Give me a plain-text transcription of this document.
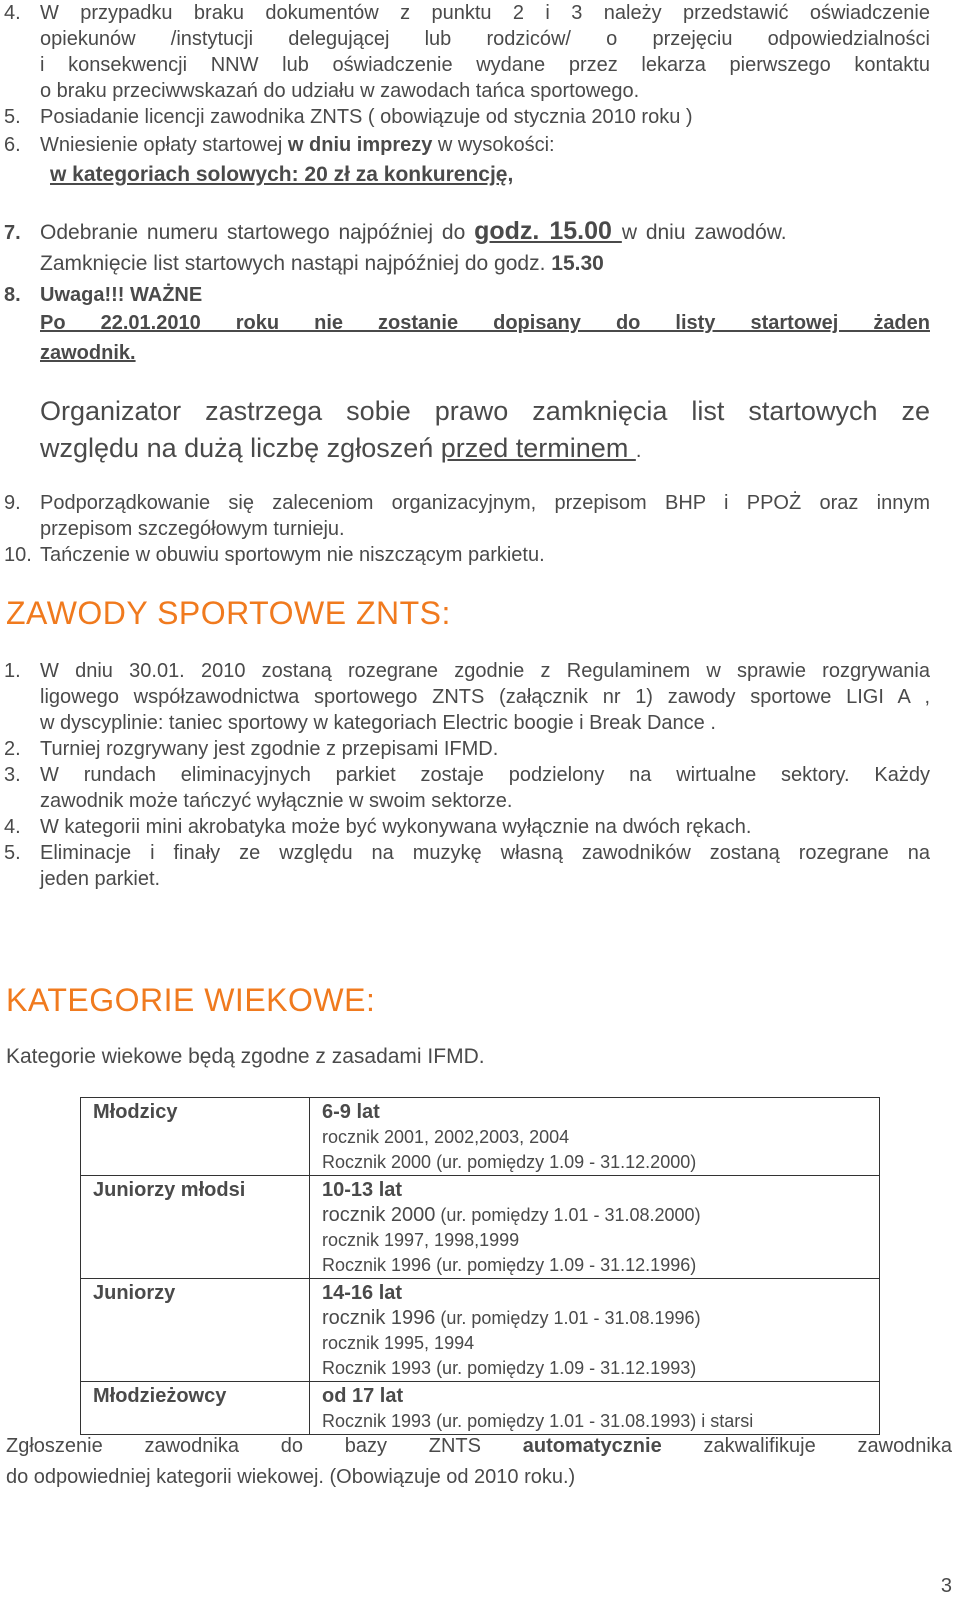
4. W przypadku braku dokumentów z punktu 2 i 3 należy przedstawić oświadczenie
opiekunów /instytucji delegującej lub rodziców/ o przejęciu odpowiedzialności
i konsekwencji NNW lub oświadczenie wydane przez lekarza pierwszego kontaktu
o braku przeciwwskazań do udziału w zawodach tańca sportowego.
5. Posiadanie licencji zawodnika ZNTS ( obowiązuje od stycznia 2010 roku )
6. Wniesienie opłaty startowej w dniu imprezy w wysokości:
w kategoriach solowych: 20 zł za konkurencję,
7. Odebranie numeru startowego najpóźniej do godz. 15.00 w dniu zawodów.
Zamknięcie list startowych nastąpi najpóźniej do godz. 15.30
8. Uwaga!!! WAŻNE
Po 22.01.2010 roku nie zostanie dopisany do listy startowej żaden
zawodnik.
Organizator zastrzega sobie prawo zamknięcia list startowych ze
względu na dużą liczbę zgłoszeń przed terminem .
9. Podporządkowanie się zaleceniom organizacyjnym, przepisom BHP i PPOŻ oraz innym
przepisom szczegółowym turnieju.
10. Tańczenie w obuwiu sportowym nie niszczącym parkietu.
ZAWODY SPORTOWE ZNTS:
1. W dniu 30.01. 2010 zostaną rozegrane zgodnie z Regulaminem w sprawie rozgrywania
ligowego współzawodnictwa sportowego ZNTS (załącznik nr 1) zawody sportowe LIGI A ,
w dyscyplinie: taniec sportowy w kategoriach Electric boogie i Break Dance .
2. Turniej rozgrywany jest zgodnie z przepisami IFMD.
3. W rundach eliminacyjnych parkiet zostaje podzielony na wirtualne sektory. Każdy
zawodnik może tańczyć wyłącznie w swoim sektorze.
4. W kategorii mini akrobatyka może być wykonywana wyłącznie na dwóch rękach.
5. Eliminacje i finały ze względu na muzykę własną zawodników zostaną rozegrane na
jeden parkiet.
KATEGORIE WIEKOWE:
Kategorie wiekowe będą zgodne z zasadami IFMD.
Młodzicy	6-9 lat
rocznik 2001, 2002,2003, 2004
Rocznik 2000 (ur. pomiędzy 1.09 - 31.12.2000)

Juniorzy młodsi	10-13 lat
rocznik 2000 (ur. pomiędzy 1.01 - 31.08.2000)
rocznik 1997, 1998,1999
Rocznik 1996 (ur. pomiędzy 1.09 - 31.12.1996)

Juniorzy	14-16 lat
rocznik 1996 (ur. pomiędzy 1.01 - 31.08.1996)
rocznik 1995, 1994
Rocznik 1993 (ur. pomiędzy 1.09 - 31.12.1993)

Młodzieżowcy	od 17 lat
Rocznik 1993 (ur. pomiędzy 1.01 - 31.08.1993) i starsi
Zgłoszenie zawodnika do bazy ZNTS automatycznie zakwalifikuje zawodnika
do odpowiedniej kategorii wiekowej. (Obowiązuje od 2010 roku.)
3
